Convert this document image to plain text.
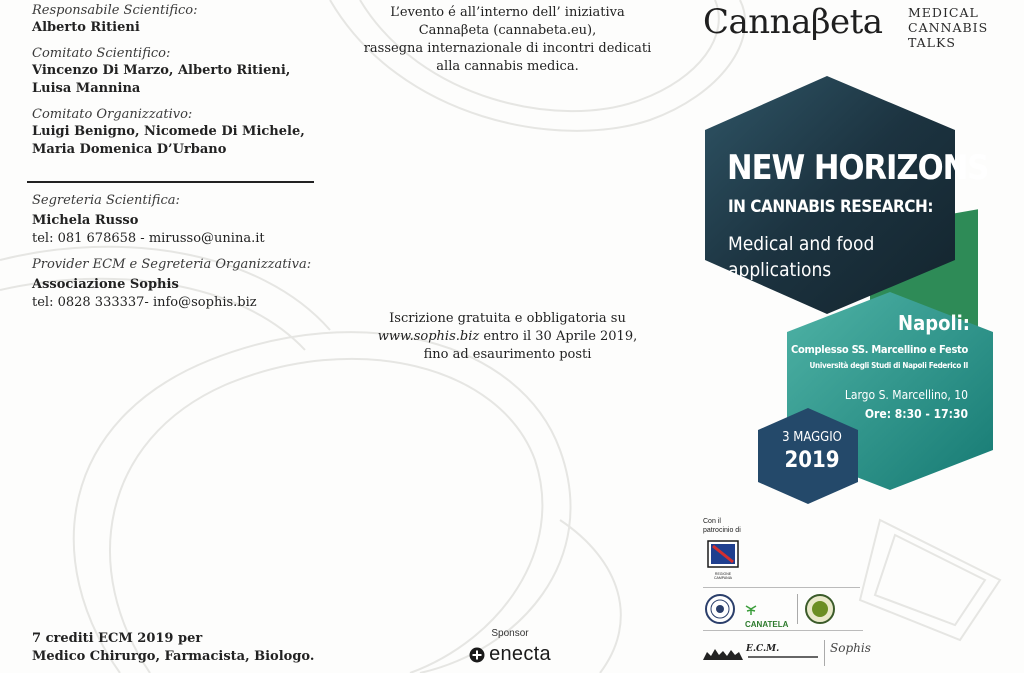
Responsabile Scientifico:
Alberto Ritieni
Comitato Scientifico:
Vincenzo Di Marzo, Alberto Ritieni,
Luisa Mannina
Comitato Organizzativo:
Luigi Benigno, Nicomede Di Michele,
Maria Domenica D’Urbano
Segreteria Scientifica:
Michela Russo
tel: 081 678658 - mirusso@unina.it
Provider ECM e Segreteria Organizzativa:
Associazione Sophis
tel: 0828 333337- info@sophis.biz
7 crediti ECM 2019 per
Medico Chirurgo, Farmacista, Biologo.
L’evento é all’interno dell’ iniziativa
Cannaβeta (cannabeta.eu),
rassegna internazionale di incontri dedicati
alla cannabis medica.
Iscrizione gratuita e obbligatoria su
www.sophis.biz entro il 30 Aprile 2019,
fino ad esaurimento posti
Sponsor
enecta
Cannaβeta MEDICAL
CANNABIS
TALKS
NEW HORIZONS
IN CANNABIS RESEARCH:
Medical and food
applications
Napoli:
Complesso SS. Marcellino e Festo
Università degli Studi di Napoli Federico II
Largo S. Marcellino, 10
Ore: 8:30 - 17:30
3 MAGGIO
2019
Con il
patrocinio di
REGIONE CAMPANIA
CANATELA
E.C.M.	Sophis
